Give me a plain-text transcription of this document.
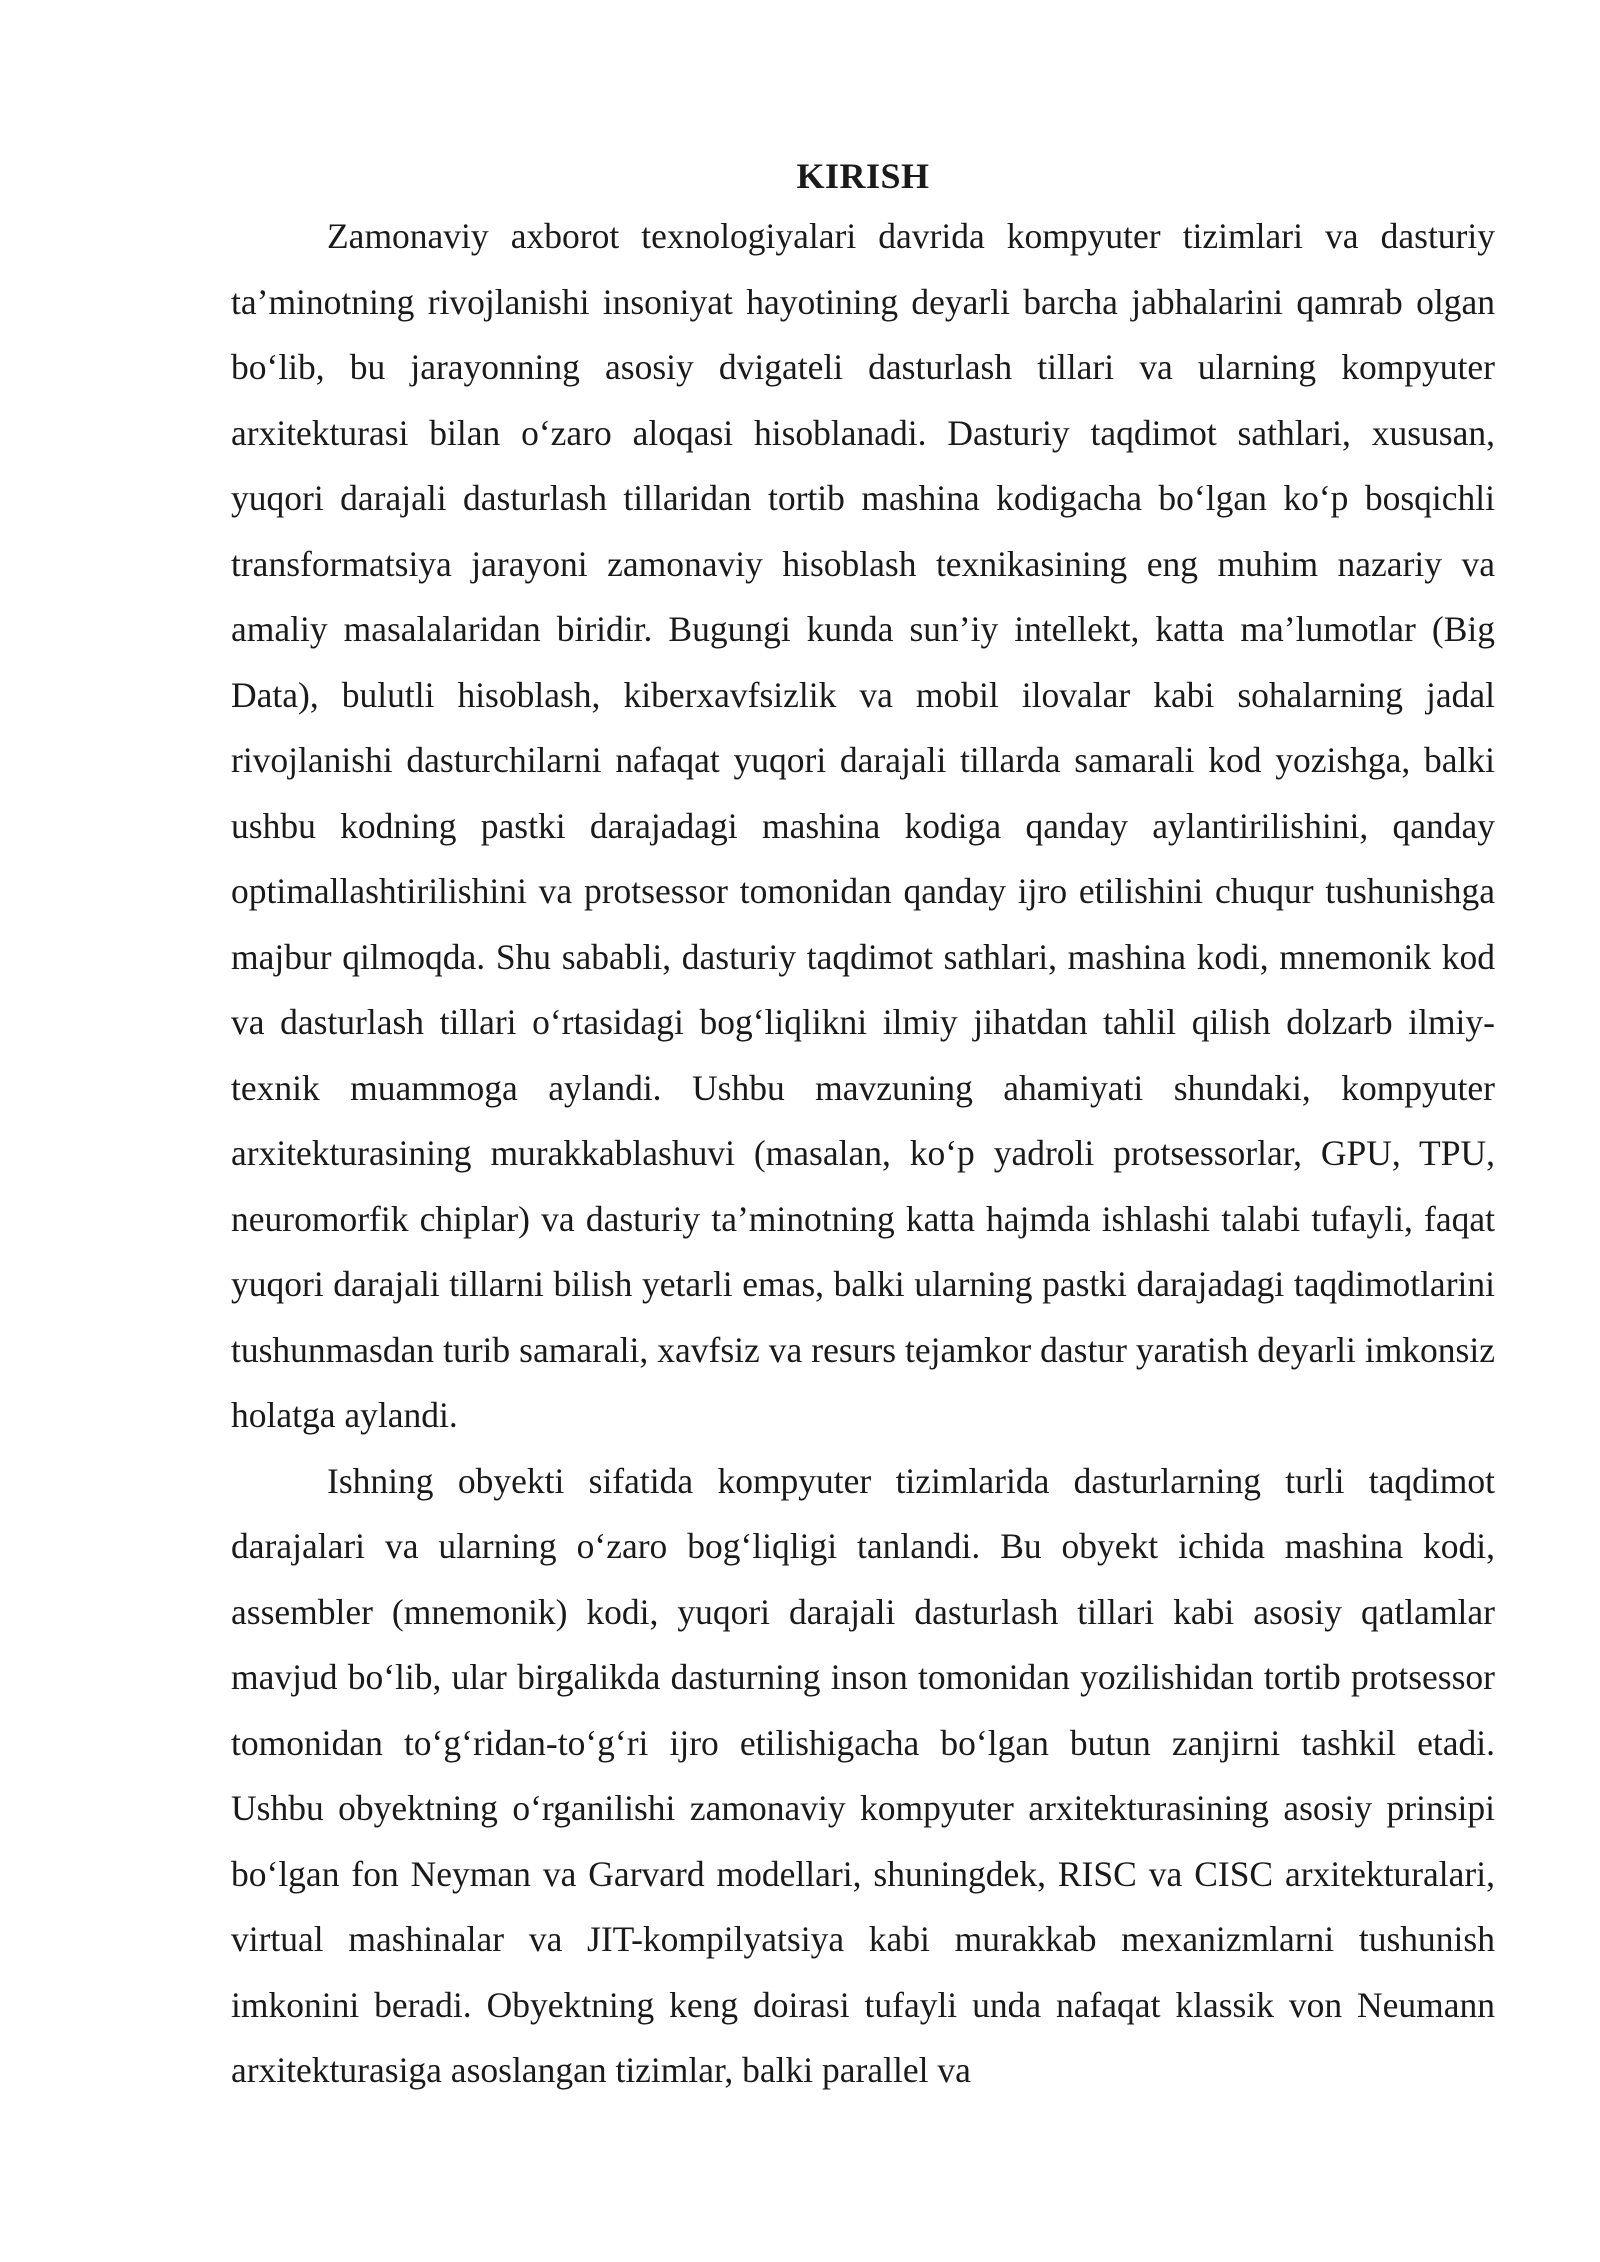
KIRISH

Zamonaviy axborot texnologiyalari davrida kompyuter tizimlari va dasturiy ta’minotning rivojlanishi insoniyat hayotining deyarli barcha jabhalarini qamrab olgan bo‘lib, bu jarayonning asosiy dvigateli dasturlash tillari va ularning kompyuter arxitekturasi bilan o‘zaro aloqasi hisoblanadi. Dasturiy taqdimot sathlari, xususan, yuqori darajali dasturlash tillaridan tortib mashina kodigacha bo‘lgan ko‘p bosqichli transformatsiya jarayoni zamonaviy hisoblash texnikasining eng muhim nazariy va amaliy masalalaridan biridir. Bugungi kunda sun’iy intellekt, katta ma’lumotlar (Big Data), bulutli hisoblash, kiberxavfsizlik va mobil ilovalar kabi sohalarning jadal rivojlanishi dasturchilarni nafaqat yuqori darajali tillarda samarali kod yozishga, balki ushbu kodning pastki darajadagi mashina kodiga qanday aylantirilishini, qanday optimallashtirilishini va protsessor tomonidan qanday ijro etilishini chuqur tushunishga majbur qilmoqda. Shu sababli, dasturiy taqdimot sathlari, mashina kodi, mnemonik kod va dasturlash tillari o‘rtasidagi bog‘liqlikni ilmiy jihatdan tahlil qilish dolzarb ilmiy-texnik muammoga aylandi. Ushbu mavzuning ahamiyati shundaki, kompyuter arxitekturasining murakkablashuvi (masalan, ko‘p yadroli protsessorlar, GPU, TPU, neuromorfik chiplar) va dasturiy ta’minotning katta hajmda ishlashi talabi tufayli, faqat yuqori darajali tillarni bilish yetarli emas, balki ularning pastki darajadagi taqdimotlarini tushunmasdan turib samarali, xavfsiz va resurs tejamkor dastur yaratish deyarli imkonsiz holatga aylandi.

Ishning obyekti sifatida kompyuter tizimlarida dasturlarning turli taqdimot darajalari va ularning o‘zaro bog‘liqligi tanlandi. Bu obyekt ichida mashina kodi, assembler (mnemonik) kodi, yuqori darajali dasturlash tillari kabi asosiy qatlamlar mavjud bo‘lib, ular birgalikda dasturning inson tomonidan yozilishidan tortib protsessor tomonidan to‘g‘ridan-to‘g‘ri ijro etilishigacha bo‘lgan butun zanjirni tashkil etadi. Ushbu obyektning o‘rganilishi zamonaviy kompyuter arxitekturasining asosiy prinsipi bo‘lgan fon Neyman va Garvard modellari, shuningdek, RISC va CISC arxitekturalari, virtual mashinalar va JIT-kompilyatsiya kabi murakkab mexanizmlarni tushunish imkonini beradi. Obyektning keng doirasi tufayli unda nafaqat klassik von Neumann arxitekturasiga asoslangan tizimlar, balki parallel va
